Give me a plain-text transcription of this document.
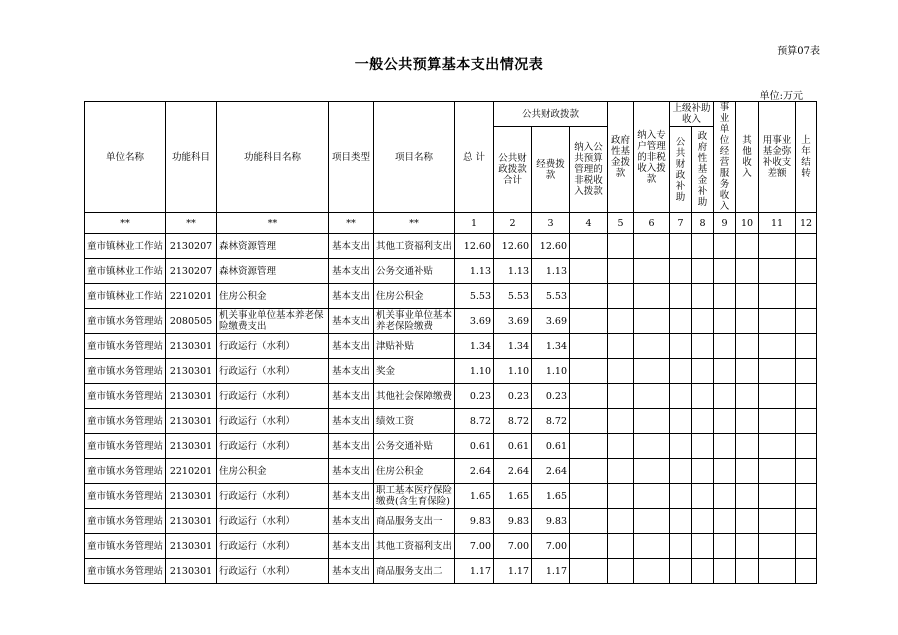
预算07表
一般公共预算基本支出情况表
单位:万元
单位名称	功能科目	功能科目名称	项目类型	项目名称	总 计	公共财政拨款			政府性基金拨款	纳入专户管理的非税收入拨款	上级补助收入		事业单位经营服务收入	其他收入	用事业基金弥补收支差额	上年结转
						公共财政拨款合计	经费拨款	纳入公共预算管理的非税收入拨款			公共财政补助	政府性基金补助				
**	**	**	**	**	1	2	3	4	5	6	7	8	9	10	11	12
童市镇林业工作站	2130207	森林资源管理	基本支出	其他工资福利支出	12.60	12.60	12.60									
童市镇林业工作站	2130207	森林资源管理	基本支出	公务交通补贴	1.13	1.13	1.13									
童市镇林业工作站	2210201	住房公积金	基本支出	住房公积金	5.53	5.53	5.53									
童市镇水务管理站	2080505	机关事业单位基本养老保险缴费支出	基本支出	机关事业单位基本养老保险缴费	3.69	3.69	3.69									
童市镇水务管理站	2130301	行政运行（水利）	基本支出	津贴补贴	1.34	1.34	1.34									
童市镇水务管理站	2130301	行政运行（水利）	基本支出	奖金	1.10	1.10	1.10									
童市镇水务管理站	2130301	行政运行（水利）	基本支出	其他社会保障缴费	0.23	0.23	0.23									
童市镇水务管理站	2130301	行政运行（水利）	基本支出	绩效工资	8.72	8.72	8.72									
童市镇水务管理站	2130301	行政运行（水利）	基本支出	公务交通补贴	0.61	0.61	0.61									
童市镇水务管理站	2210201	住房公积金	基本支出	住房公积金	2.64	2.64	2.64									
童市镇水务管理站	2130301	行政运行（水利）	基本支出	职工基本医疗保险缴费(含生育保险)	1.65	1.65	1.65									
童市镇水务管理站	2130301	行政运行（水利）	基本支出	商品服务支出一	9.83	9.83	9.83									
童市镇水务管理站	2130301	行政运行（水利）	基本支出	其他工资福利支出	7.00	7.00	7.00									
童市镇水务管理站	2130301	行政运行（水利）	基本支出	商品服务支出二	1.17	1.17	1.17									
